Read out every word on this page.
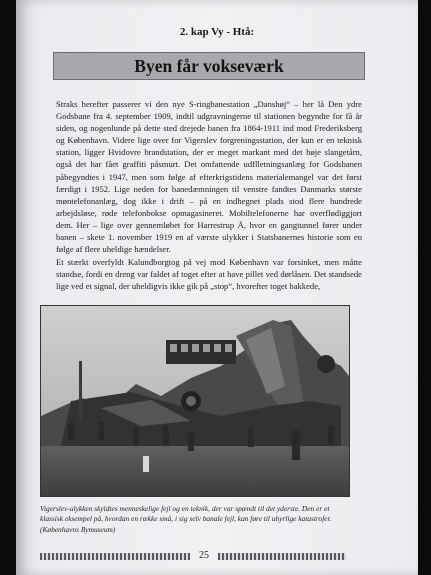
2. kap Vy - Htå:
Byen får vokseværk

Straks herefter passerer vi den nye S-ringbanestation „Danshøj“ – her lå Den ydre Godsbane fra 4. september 1909, indtil udgravningerne til stationen begyndte for få år siden, og nogenlunde på dette sted drejede banen fra 1864-1911 ind mod Frederiksberg og København. Videre lige over for Vigerslev forgreningsstation, der kun er en teknisk station, ligger Hvidovre brandstation, der er meget markant med det høje slangetårn, også det har fået graffiti påsmurt. Det omfattende udflletningsanlæg for Godsbanen påbegyndtes i 1947, men som følge af efterkrigstidens materialemangel var det først færdigt i 1952. Lige neden for banedæmningen til venstre fandtes Danmarks største møntelefonanlæg, dog ikke i drift – på en indhegnet plads stod flere hundrede arbejdsløse, røde telefonbokse opmagasineret. Mobiltelefonerne har overflødiggjort dem. Her – lige over gennemløbet for Harrestrup Å, hvor en gangtunnel fører under banen – skete 1. november 1919 en af værste ulykker i Statsbanernes historie som en følge af flere uheldige hændelser.

Et stærkt overfyldt Kalundborgtog på vej mod København var forsinket, men måtte standse, fordi en dreng var faldet af toget efter at have pillet ved dørlåsen. Det standsede lige ved et signal, der uheldigvis ikke gik på „stop“, hvorefter toget bakkede,

Vigerslev-ulykken skyldtes menneskelige fejl og en teknik, der var spændt til det yderste. Den er et klassisk eksempel på, hvordan en række små, i sig selv banale fejl, kan føre til uhyrlige katastrofer. (Københavns Bymuseum)
25
